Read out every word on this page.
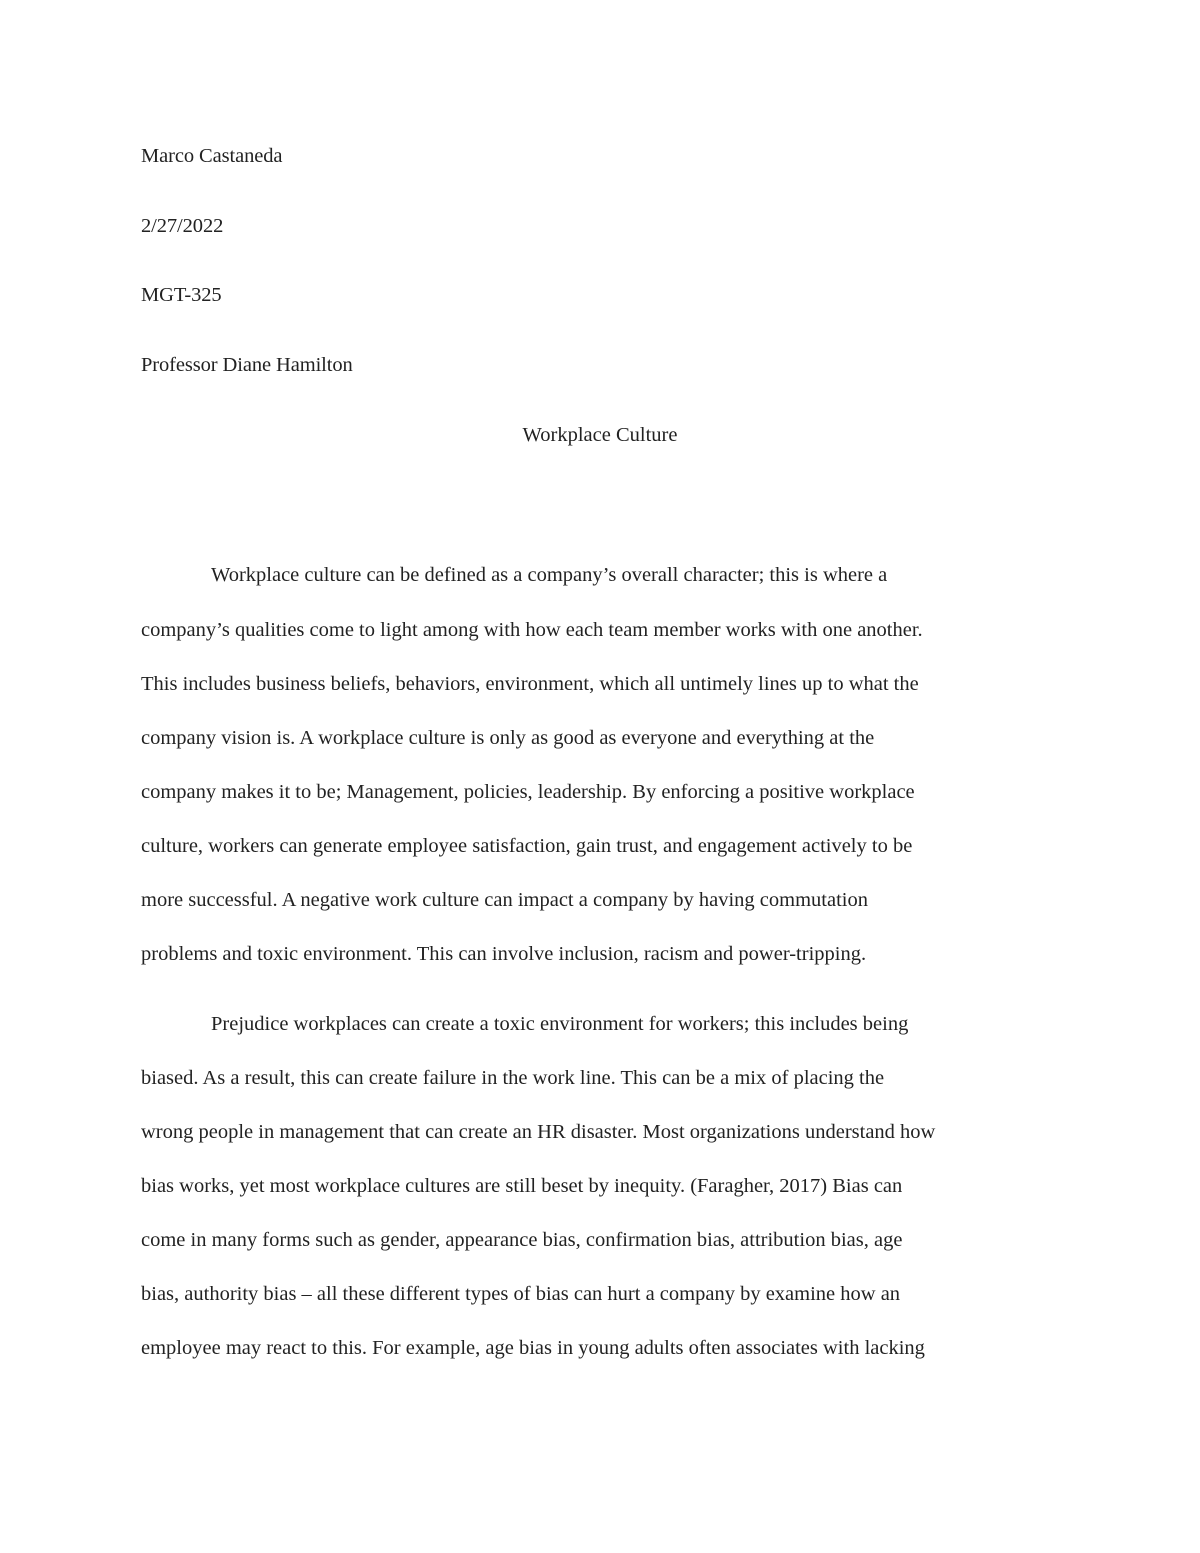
Marco Castaneda
2/27/2022
MGT-325
Professor Diane Hamilton
Workplace Culture
Workplace culture can be defined as a company’s overall character; this is where a
company’s qualities come to light among with how each team member works with one another.
This includes business beliefs, behaviors, environment, which all untimely lines up to what the
company vision is. A workplace culture is only as good as everyone and everything at the
company makes it to be; Management, policies, leadership. By enforcing a positive workplace
culture, workers can generate employee satisfaction, gain trust, and engagement actively to be
more successful. A negative work culture can impact a company by having commutation
problems and toxic environment. This can involve inclusion, racism and power-tripping.
Prejudice workplaces can create a toxic environment for workers; this includes being
biased. As a result, this can create failure in the work line. This can be a mix of placing the
wrong people in management that can create an HR disaster. Most organizations understand how
bias works, yet most workplace cultures are still beset by inequity. (Faragher, 2017) Bias can
come in many forms such as gender, appearance bias, confirmation bias, attribution bias, age
bias, authority bias – all these different types of bias can hurt a company by examine how an
employee may react to this. For example, age bias in young adults often associates with lacking
